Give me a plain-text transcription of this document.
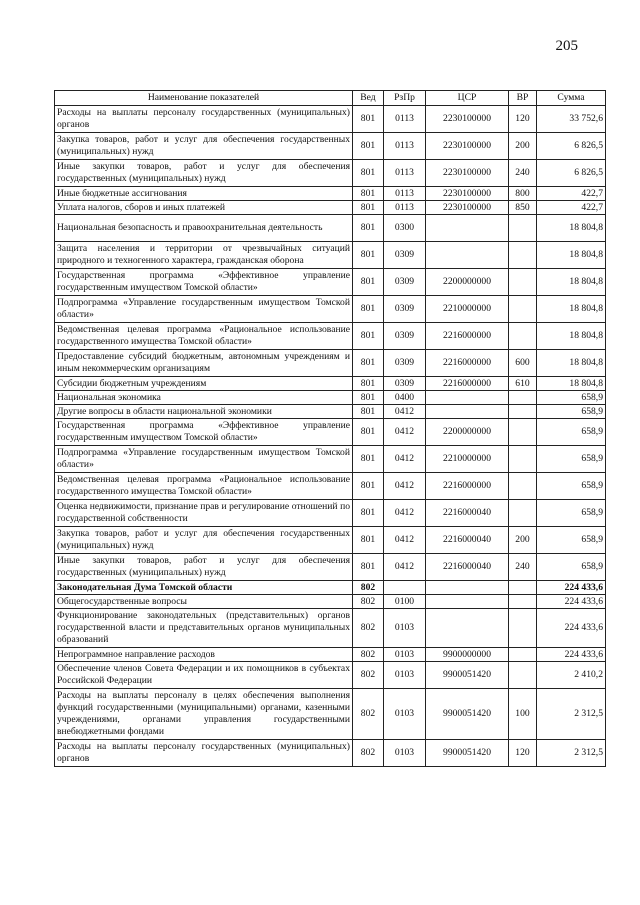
205
Наименование показателей	Вед	РзПр	ЦСР	ВР	Сумма
Расходы на выплаты персоналу государственных (муниципальных) органов	801	0113	2230100000	120	33 752,6
Закупка товаров, работ и услуг для обеспечения государственных (муниципальных) нужд	801	0113	2230100000	200	6 826,5
Иные закупки товаров, работ и услуг для обеспечения государственных (муниципальных) нужд	801	0113	2230100000	240	6 826,5
Иные бюджетные ассигнования	801	0113	2230100000	800	422,7
Уплата налогов, сборов и иных платежей	801	0113	2230100000	850	422,7
Национальная безопасность и правоохранительная деятельность	801	0300			18 804,8
Защита населения и территории от чрезвычайных ситуаций природного и техногенного характера, гражданская оборона	801	0309			18 804,8
Государственная программа «Эффективное управление государственным имуществом Томской области»	801	0309	2200000000		18 804,8
Подпрограмма «Управление государственным имуществом Томской области»	801	0309	2210000000		18 804,8
Ведомственная целевая программа «Рациональное использование государственного имущества Томской области»	801	0309	2216000000		18 804,8
Предоставление субсидий бюджетным, автономным учреждениям и иным некоммерческим организациям	801	0309	2216000000	600	18 804,8
Субсидии бюджетным учреждениям	801	0309	2216000000	610	18 804,8
Национальная экономика	801	0400			658,9
Другие вопросы в области национальной экономики	801	0412			658,9
Государственная программа «Эффективное управление государственным имуществом Томской области»	801	0412	2200000000		658,9
Подпрограмма «Управление государственным имуществом Томской области»	801	0412	2210000000		658,9
Ведомственная целевая программа «Рациональное использование государственного имущества Томской области»	801	0412	2216000000		658,9
Оценка недвижимости, признание прав и регулирование отношений по государственной собственности	801	0412	2216000040		658,9
Закупка товаров, работ и услуг для обеспечения государственных (муниципальных) нужд	801	0412	2216000040	200	658,9
Иные закупки товаров, работ и услуг для обеспечения государственных (муниципальных) нужд	801	0412	2216000040	240	658,9
Законодательная Дума Томской области	802				224 433,6
Общегосударственные вопросы	802	0100			224 433,6
Функционирование законодательных (представительных) органов государственной власти и представительных органов муниципальных образований	802	0103			224 433,6
Непрограммное направление расходов	802	0103	9900000000		224 433,6
Обеспечение членов Совета Федерации и их помощников в субъектах Российской Федерации	802	0103	9900051420		2 410,2
Расходы на выплаты персоналу в целях обеспечения выполнения функций государственными (муниципальными) органами, казенными учреждениями, органами управления государственными внебюджетными фондами	802	0103	9900051420	100	2 312,5
Расходы на выплаты персоналу государственных (муниципальных) органов	802	0103	9900051420	120	2 312,5
